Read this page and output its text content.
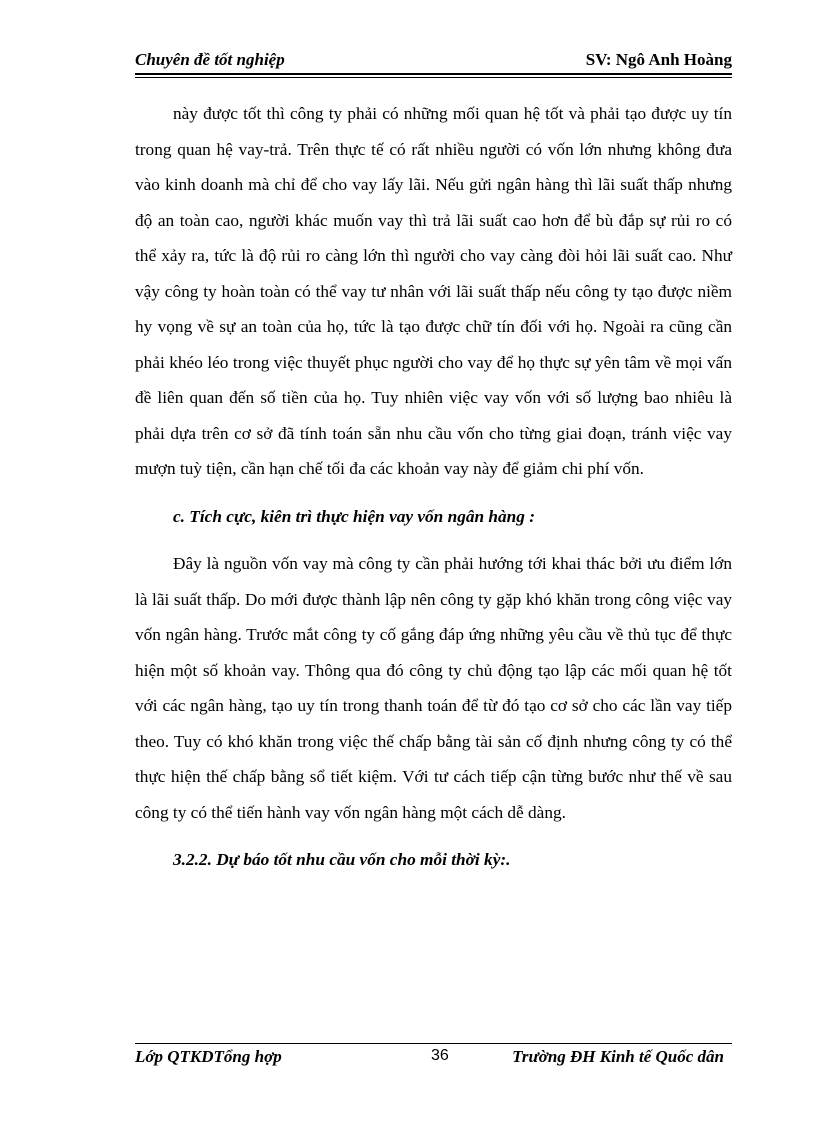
Chuyên đề tốt nghiệp	SV: Ngô Anh Hoàng

này được tốt thì công ty phải có những mối quan hệ tốt và phải tạo được uy tín trong quan hệ vay-trả. Trên thực tế có rất nhiều người có vốn lớn nhưng không đưa vào kinh doanh mà chỉ để cho vay lấy lãi. Nếu gửi ngân hàng thì lãi suất thấp nhưng độ an toàn cao, người khác muốn vay thì trả lãi suất cao hơn để bù đắp sự rủi ro có thể xảy ra, tức là độ rủi ro càng lớn thì người cho vay càng đòi hỏi lãi suất cao. Như vậy công ty hoàn toàn có thể vay tư nhân với lãi suất thấp nếu công ty tạo được niềm hy vọng về sự an toàn của họ, tức là tạo được chữ tín đối với họ. Ngoài ra cũng cần phải khéo léo trong việc thuyết phục người cho vay để họ thực sự yên tâm về mọi vấn đề liên quan đến số tiền của họ. Tuy nhiên việc vay vốn với số lượng bao nhiêu là phải dựa trên cơ sở đã tính toán sẵn nhu cầu vốn cho từng giai đoạn, tránh việc vay mượn tuỳ tiện, cần hạn chế tối đa các khoản vay này để giảm chi phí vốn.

c. Tích cực, kiên trì thực hiện vay vốn ngân hàng :

Đây là nguồn vốn vay mà công ty cần phải hướng tới khai thác bởi ưu điểm lớn là lãi suất thấp. Do mới được thành lập nên công ty gặp khó khăn trong công việc vay vốn ngân hàng. Trước mắt công ty cố gắng đáp ứng những yêu cầu về thủ tục để thực hiện một số khoản vay. Thông qua đó công ty chủ động tạo lập các mối quan hệ tốt với các ngân hàng, tạo uy tín trong thanh toán để từ đó tạo cơ sở cho các lần vay tiếp theo. Tuy có khó khăn trong việc thế chấp bằng tài sản cố định nhưng công ty có thể thực hiện thế chấp bằng sổ tiết kiệm. Với tư cách tiếp cận từng bước như thế về sau công ty có thể tiến hành vay vốn ngân hàng một cách dễ dàng.

3.2.2. Dự báo tốt nhu cầu vốn cho mỗi thời kỳ:.

Lớp QTKDTổng hợp	36	Trường ĐH Kinh tế Quốc dân
